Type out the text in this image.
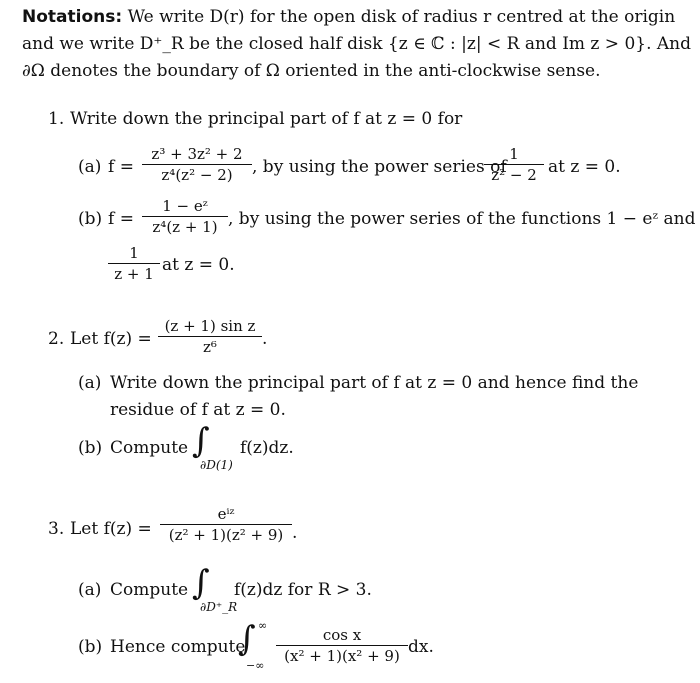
Notations: We write D(r) for the open disk of radius r centred at the origin
and we write D⁺_R be the closed half disk {z ∈ ℂ : |z| < R and Im z > 0}. And
∂Ω denotes the boundary of Ω oriented in the anti-clockwise sense.
1. Write down the principal part of f at z = 0 for
(a) f =
z³ + 3z² + 2
z⁴(z² − 2)	, by using the power series of
1
z² − 2 at z = 0.
(b) f =
1 − eᶻ
z⁴(z + 1) , by using the power series of the functions 1 − eᶻ and
1
z + 1 at z = 0.
2. Let f(z) =
(z + 1) sin z
z⁶	.
(a) Write down the principal part of f at z = 0 and hence find the
residue of f at z = 0.
(b) Compute ∫
∂D(1)
f(z)dz.
3. Let f(z) =
eⁱᶻ
(z² + 1)(z² + 9) .
(a) Compute ∫
∂D⁺_R
f(z)dz for R > 3.
(b) Hence compute
∫ ∞
−∞
cos x
(x² + 1)(x² + 9) dx.
